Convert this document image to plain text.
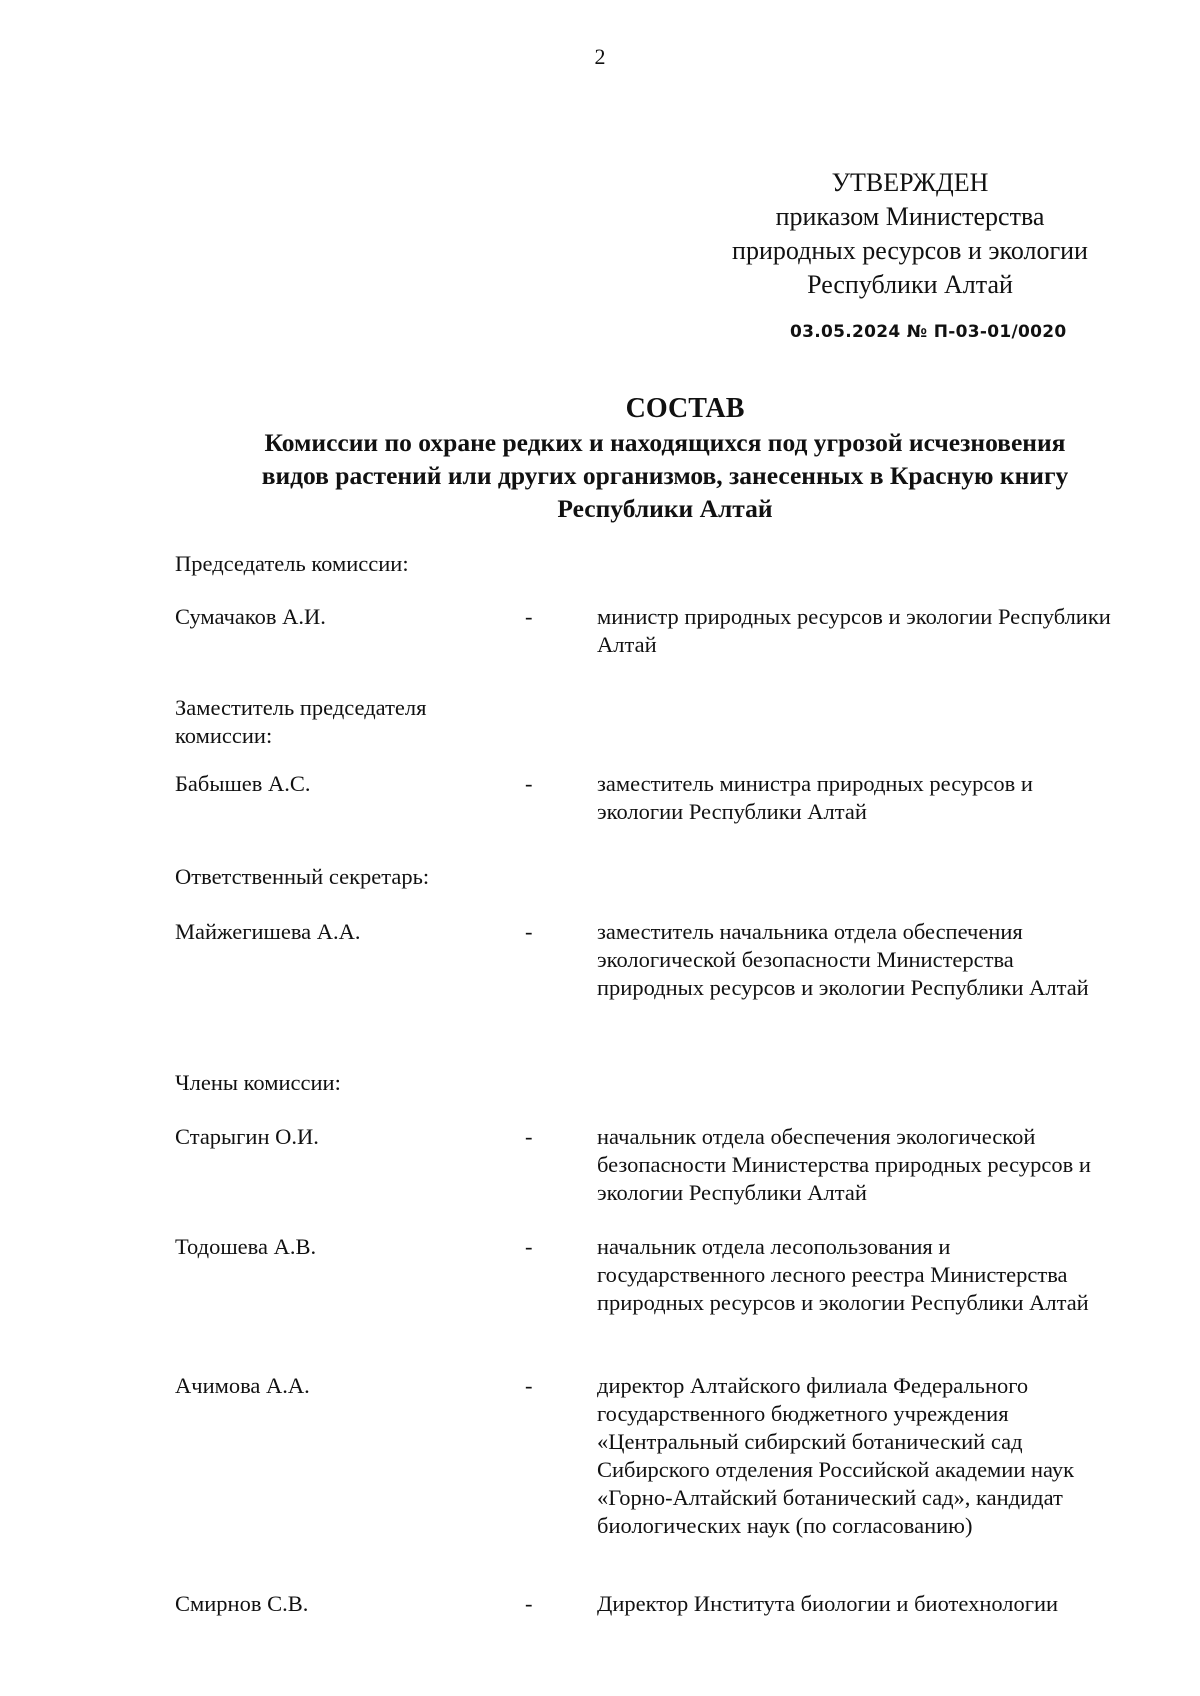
2
УТВЕРЖДЕН
приказом Министерства
природных ресурсов и экологии
Республики Алтай
03.05.2024 № П-03-01/0020
СОСТАВ
Комиссии по охране редких и находящихся под угрозой исчезновения
видов растений или других организмов, занесенных в Красную книгу
Республики Алтай
Председатель комиссии:
Сумачаков А.И.	-	министр природных ресурсов и экологии Республики Алтай
Заместитель председателя комиссии:
Бабышев А.С.	-	заместитель министра природных ресурсов и экологии Республики Алтай
Ответственный секретарь:
Майжегишева А.А.	-	заместитель начальника отдела обеспечения экологической безопасности Министерства природных ресурсов и экологии Республики Алтай
Члены комиссии:
Старыгин О.И.	-	начальник отдела обеспечения экологической безопасности Министерства природных ресурсов и экологии Республики Алтай
Тодошева А.В.	-	начальник отдела лесопользования и государственного лесного реестра Министерства природных ресурсов и экологии Республики Алтай
Ачимова А.А.	-	директор Алтайского филиала Федерального государственного бюджетного учреждения «Центральный сибирский ботанический сад Сибирского отделения Российской академии наук «Горно-Алтайский ботанический сад», кандидат биологических наук (по согласованию)
Смирнов С.В.	-	Директор Института биологии и биотехнологии
